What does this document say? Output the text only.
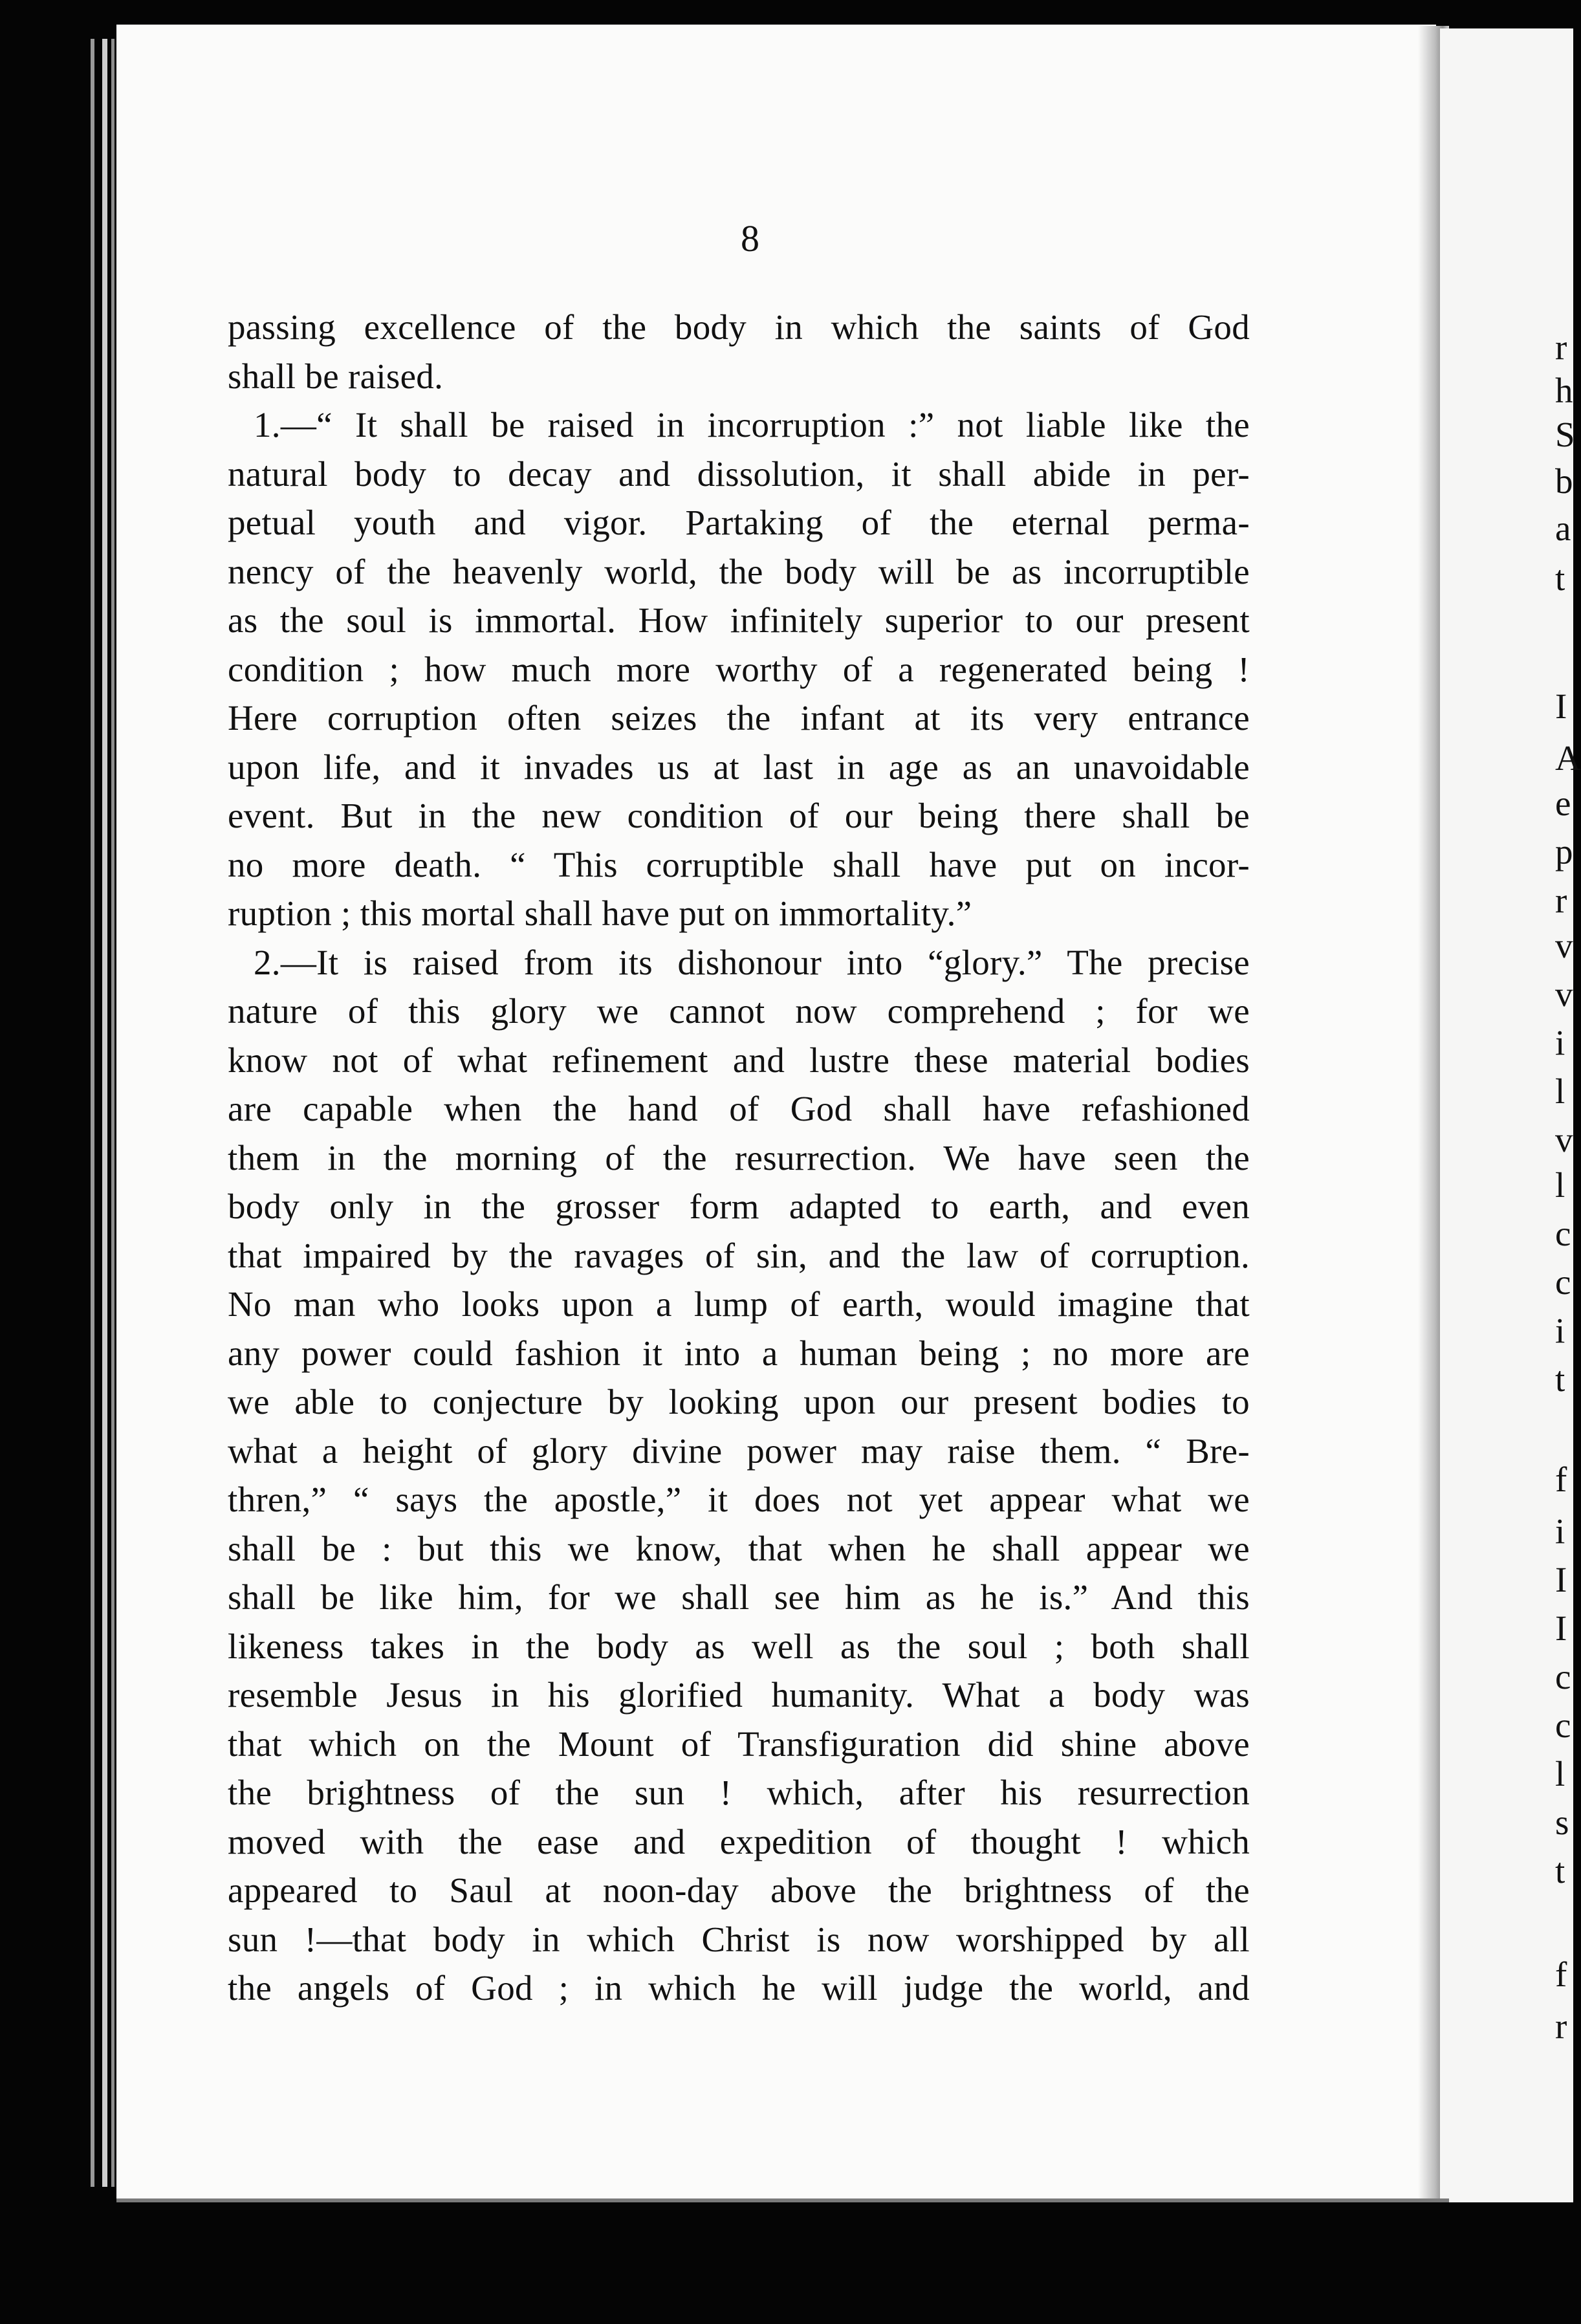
8
passing excellence of the body in which the saints of God
shall be raised.
1.—“ It shall be raised in incorruption :” not liable like the
natural body to decay and dissolution, it shall abide in per-
petual youth and vigor. Partaking of the eternal perma-
nency of the heavenly world, the body will be as incorruptible
as the soul is immortal. How infinitely superior to our present
condition ; how much more worthy of a regenerated being !
Here corruption often seizes the infant at its very entrance
upon life, and it invades us at last in age as an unavoidable
event. But in the new condition of our being there shall be
no more death. “ This corruptible shall have put on incor-
ruption ; this mortal shall have put on immortality.”
2.—It is raised from its dishonour into “glory.” The precise
nature of this glory we cannot now comprehend ; for we
know not of what refinement and lustre these material bodies
are capable when the hand of God shall have refashioned
them in the morning of the resurrection. We have seen the
body only in the grosser form adapted to earth, and even
that impaired by the ravages of sin, and the law of corruption.
No man who looks upon a lump of earth, would imagine that
any power could fashion it into a human being ; no more are
we able to conjecture by looking upon our present bodies to
what a height of glory divine power may raise them. “ Bre-
thren,” “ says the apostle,” it does not yet appear what we
shall be : but this we know, that when he shall appear we
shall be like him, for we shall see him as he is.” And this
likeness takes in the body as well as the soul ; both shall
resemble Jesus in his glorified humanity. What a body was
that which on the Mount of Transfiguration did shine above
the brightness of the sun ! which, after his resurrection
moved with the ease and expedition of thought ! which
appeared to Saul at noon-day above the brightness of the
sun !—that body in which Christ is now worshipped by all
the angels of God ; in which he will judge the world, and
r
h
S
b
a
t
I
A
e
p
r
v
v
i
l
v
l
c
c
i
t
f
i
I
I
c
c
l
s
t
f
r
